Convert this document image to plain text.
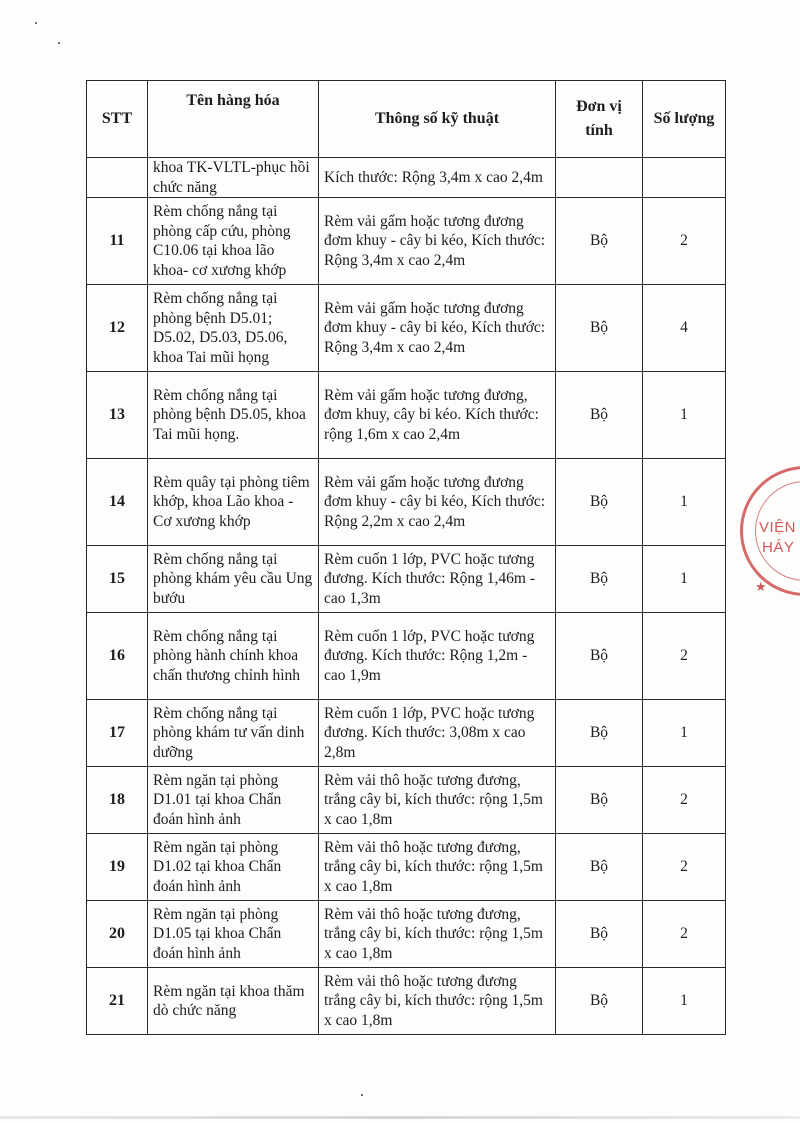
STT	Tên hàng hóa	Thông số kỹ thuật	Đơn vị tính	Số lượng
	khoa TK-VLTL-phục hồi chức năng	Kích thước: Rộng 3,4m x cao 2,4m		
11	Rèm chống nắng tại phòng cấp cứu, phòng C10.06 tại khoa lão khoa- cơ xương khớp	Rèm vải gấm hoặc tương đương đơm khuy - cây bi kéo, Kích thước: Rộng 3,4m x cao 2,4m	Bộ	2
12	Rèm chống nắng tại phòng bệnh D5.01; D5.02, D5.03, D5.06, khoa Tai mũi họng	Rèm vải gấm hoặc tương đương đơm khuy - cây bi kéo, Kích thước: Rộng 3,4m x cao 2,4m	Bộ	4
13	Rèm chống nắng tại phòng bệnh D5.05, khoa Tai mũi họng.	Rèm vải gấm hoặc tương đương, đơm khuy, cây bi kéo. Kích thước: rộng 1,6m x cao 2,4m	Bộ	1
14	Rèm quây tại phòng tiêm khớp, khoa Lão khoa - Cơ xương khớp	Rèm vải gấm hoặc tương đương đơm khuy - cây bi kéo, Kích thước: Rộng 2,2m x cao 2,4m	Bộ	1
15	Rèm chống nắng tại phòng khám yêu cầu Ung bướu	Rèm cuốn 1 lớp, PVC hoặc tương đương. Kích thước: Rộng 1,46m - cao 1,3m	Bộ	1
16	Rèm chống nắng tại phòng hành chính khoa chấn thương chỉnh hình	Rèm cuốn 1 lớp, PVC hoặc tương đương. Kích thước: Rộng 1,2m - cao 1,9m	Bộ	2
17	Rèm chống nắng tại phòng khám tư vấn dinh dưỡng	Rèm cuốn 1 lớp, PVC hoặc tương đương. Kích thước: 3,08m x cao 2,8m	Bộ	1
18	Rèm ngăn tại phòng D1.01 tại khoa Chẩn đoán hình ảnh	Rèm vải thô hoặc tương đương, trắng cây bi, kích thước: rộng 1,5m x cao 1,8m	Bộ	2
19	Rèm ngăn tại phòng D1.02 tại khoa Chẩn đoán hình ảnh	Rèm vải thô hoặc tương đương, trắng cây bi, kích thước: rộng 1,5m x cao 1,8m	Bộ	2
20	Rèm ngăn tại phòng D1.05 tại khoa Chẩn đoán hình ảnh	Rèm vải thô hoặc tương đương, trắng cây bi, kích thước: rộng 1,5m x cao 1,8m	Bộ	2
21	Rèm ngăn tại khoa thăm dò chức năng	Rèm vải thô hoặc tương đương trắng cây bi, kích thước: rộng 1,5m x cao 1,8m	Bộ	1
VIỆN
HÁY
★
